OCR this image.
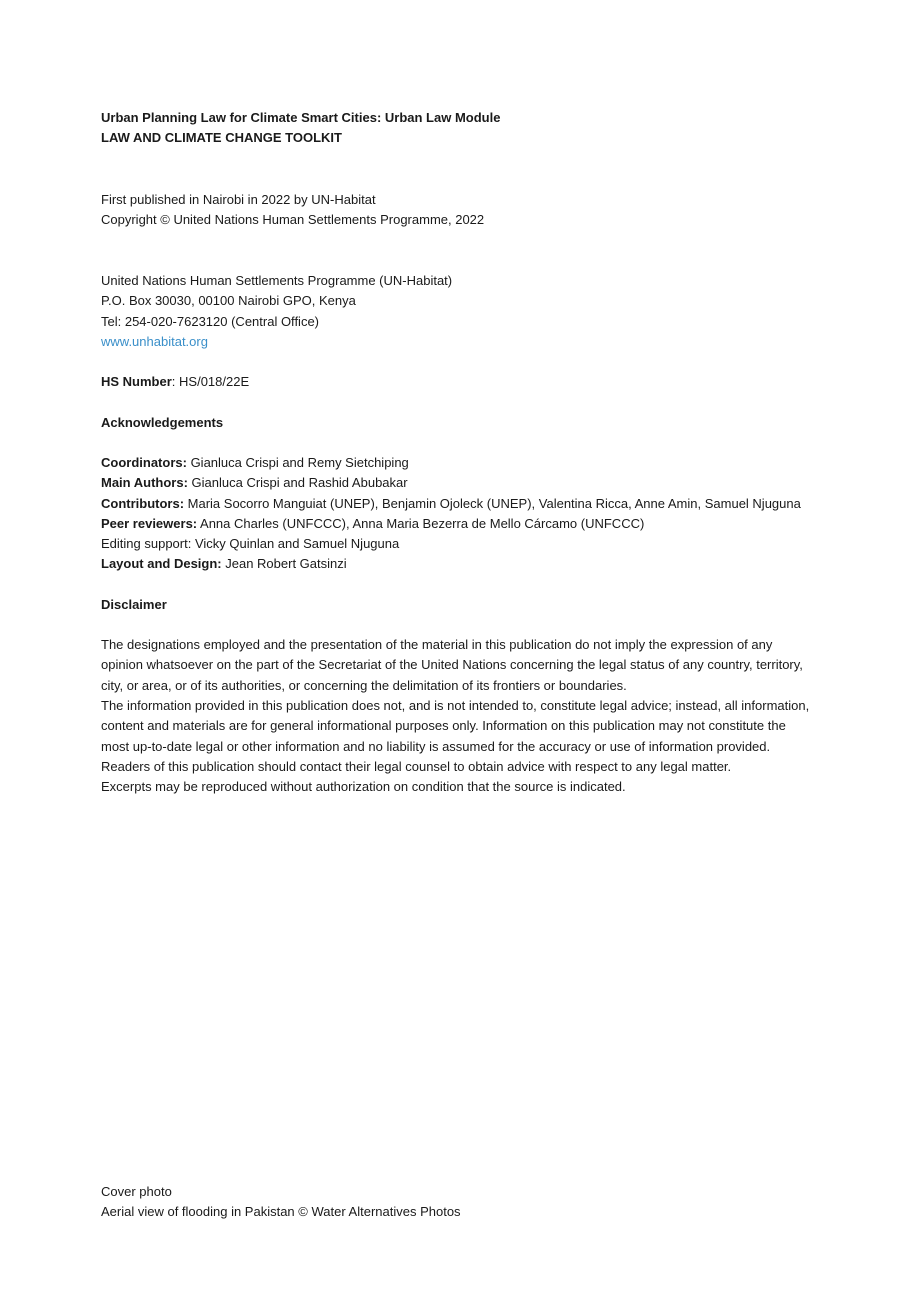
Urban Planning Law for Climate Smart Cities: Urban Law Module
LAW AND CLIMATE CHANGE TOOLKIT
First published in Nairobi in 2022 by UN-Habitat
Copyright © United Nations Human Settlements Programme, 2022
United Nations Human Settlements Programme (UN-Habitat)
P.O. Box 30030, 00100 Nairobi GPO, Kenya
Tel: 254-020-7623120 (Central Office)
www.unhabitat.org
HS Number: HS/018/22E
Acknowledgements
Coordinators: Gianluca Crispi and Remy Sietchiping
Main Authors: Gianluca Crispi and Rashid Abubakar
Contributors: Maria Socorro Manguiat (UNEP), Benjamin Ojoleck (UNEP), Valentina Ricca, Anne Amin, Samuel Njuguna
Peer reviewers: Anna Charles (UNFCCC), Anna Maria Bezerra de Mello Cárcamo (UNFCCC)
Editing support: Vicky Quinlan and Samuel Njuguna
Layout and Design: Jean Robert Gatsinzi
Disclaimer
The designations employed and the presentation of the material in this publication do not imply the expression of any
opinion whatsoever on the part of the Secretariat of the United Nations concerning the legal status of any country, territory,
city, or area, or of its authorities, or concerning the delimitation of its frontiers or boundaries.
The information provided in this publication does not, and is not intended to, constitute legal advice; instead, all information,
content and materials are for general informational purposes only. Information on this publication may not constitute the
most up-to-date legal or other information and no liability is assumed for the accuracy or use of information provided.
Readers of this publication should contact their legal counsel to obtain advice with respect to any legal matter.
Excerpts may be reproduced without authorization on condition that the source is indicated.
Cover photo
Aerial view of flooding in Pakistan © Water Alternatives Photos
